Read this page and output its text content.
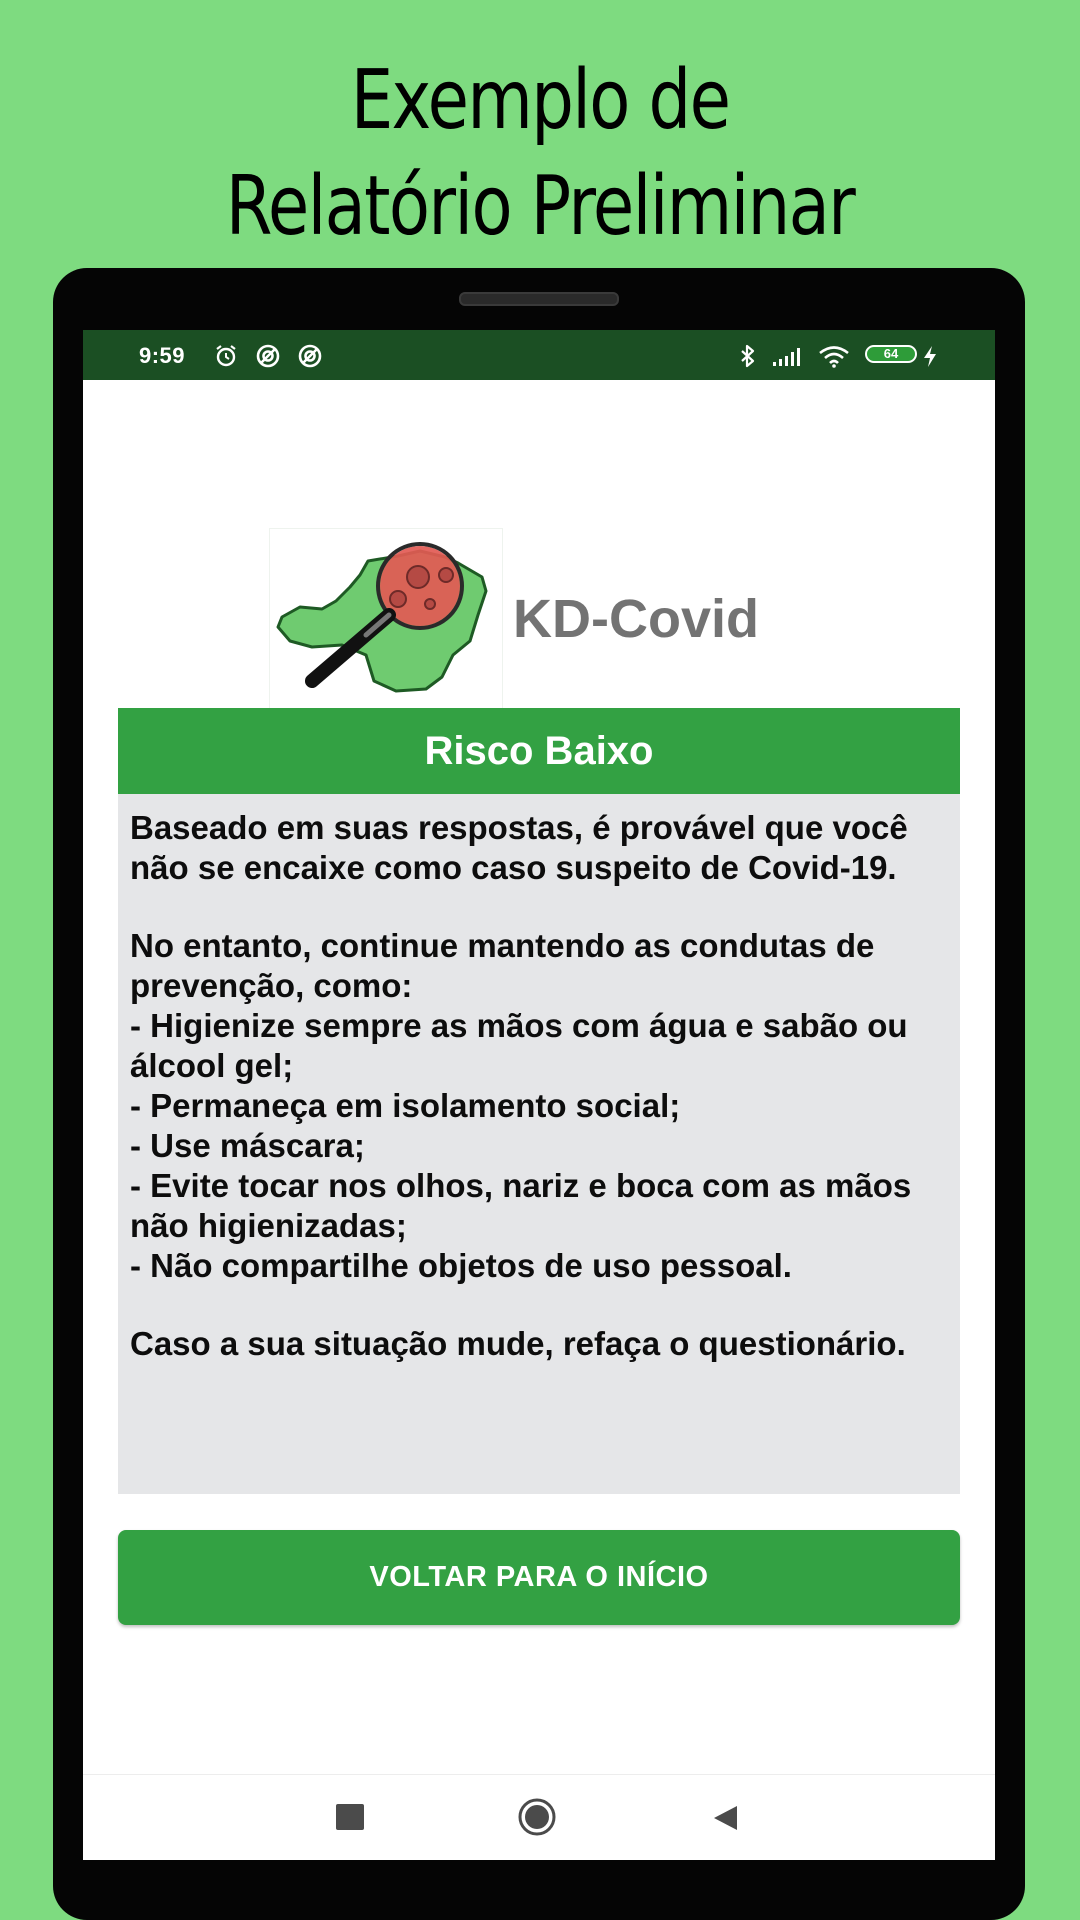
Exemplo de
Relatório Preliminar
9:59	64
KD-Covid
Risco Baixo

Baseado em suas respostas, é provável que você não se encaixe como caso suspeito de Covid-19.

No entanto, continue mantendo as condutas de prevenção, como:

- Higienize sempre as mãos com água e sabão ou álcool gel;

- Permaneça em isolamento social;

- Use máscara;

- Evite tocar nos olhos, nariz e boca com as mãos não higienizadas;

- Não compartilhe objetos de uso pessoal.

Caso a sua situação mude, refaça o questionário.

VOLTAR PARA O INÍCIO
